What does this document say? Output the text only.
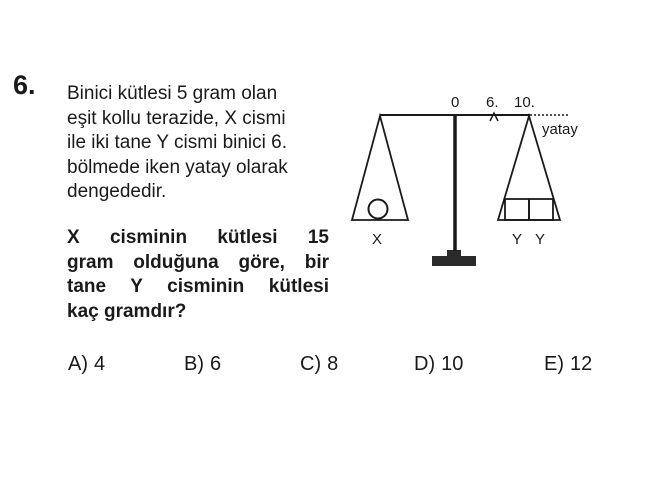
6. Binici kütlesi 5 gram olan
eşit kollu terazide, X cismi
ile iki tane Y cismi binici 6.
bölmede iken yatay olarak
dengededir.
X cisminin kütlesi 15
gram olduğuna göre, bir
tane Y cisminin kütlesi
kaç gramdır?
0 6. 10.
yatay
X	Y Y
A) 4	B) 6	C) 8	D) 10	E) 12
